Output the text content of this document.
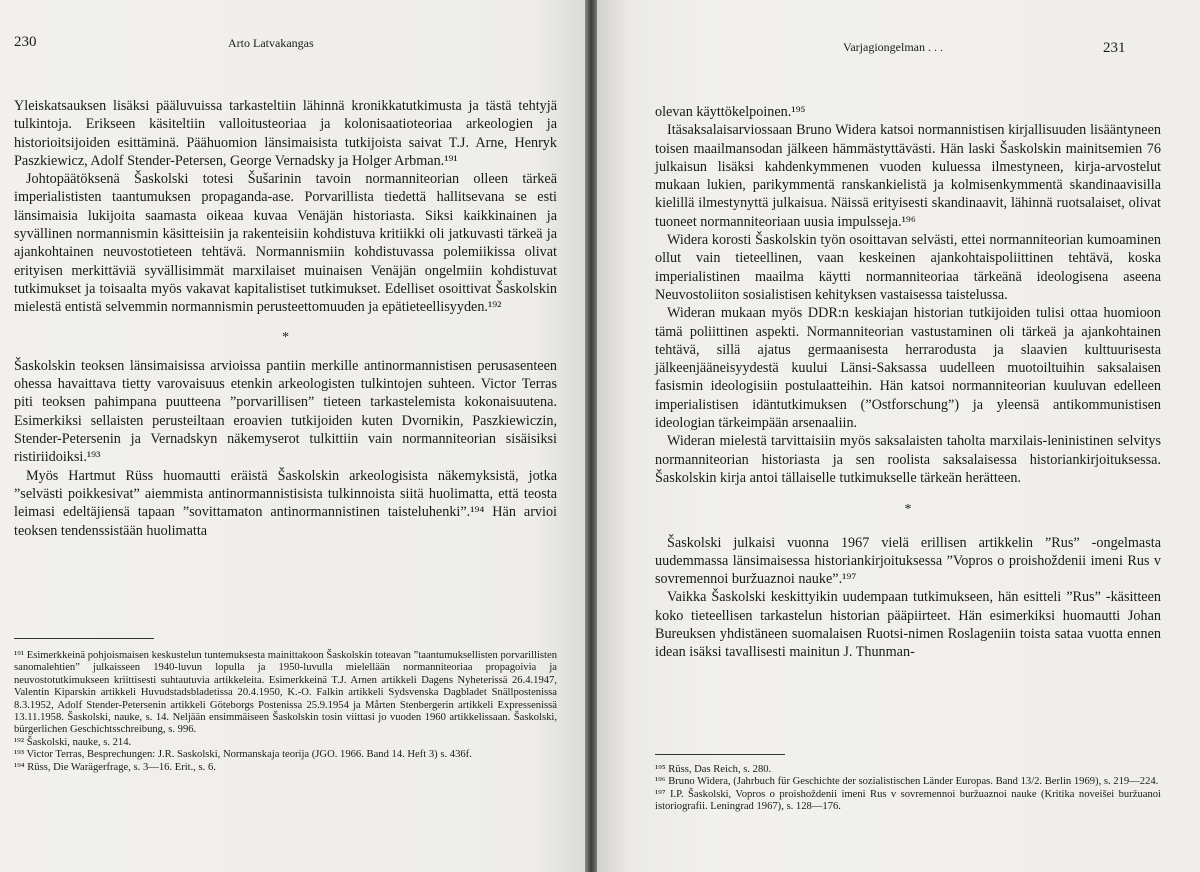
230	Arto Latvakangas

Yleiskatsauksen lisäksi pääluvuissa tarkasteltiin lähinnä kronikkatutkimusta ja tästä tehtyjä tulkintoja. Erikseen käsiteltiin valloitusteoriaa ja kolonisaatioteoriaa arkeologien ja historioitsijoiden esittäminä. Päähuomion länsimaisista tutkijoista saivat T.J. Arne, Henryk Paszkiewicz, Adolf Stender-Petersen, George Vernadsky ja Holger Arbman.¹⁹¹

Johtopäätöksenä Šaskolski totesi Šušarinin tavoin normanniteorian olleen tärkeä imperialististen taantumuksen propaganda-ase. Porvarillista tiedettä hallitsevana se esti länsimaisia lukijoita saamasta oikeaa kuvaa Venäjän historiasta. Siksi kaikkinainen ja syvällinen normannismin käsitteisiin ja rakenteisiin kohdistuva kritiikki oli jatkuvasti tärkeä ja ajankohtainen neuvostotieteen tehtävä. Normannismiin kohdistuvassa polemiikissa olivat erityisen merkittäviä syvällisimmät marxilaiset muinaisen Venäjän ongelmiin kohdistuvat tutkimukset ja toisaalta myös vakavat kapitalistiset tutkimukset. Edelliset osoittivat Šaskolskin mielestä entistä selvemmin normannismin perusteettomuuden ja epätieteellisyyden.¹⁹²

*

Šaskolskin teoksen länsimaisissa arvioissa pantiin merkille antinormannistisen perusasenteen ohessa havaittava tietty varovaisuus etenkin arkeologisten tulkintojen suhteen. Victor Terras piti teoksen pahimpana puutteena ”porvarillisen” tieteen tarkastelemista kokonaisuutena. Esimerkiksi sellaisten perusteiltaan eroavien tutkijoiden kuten Dvornikin, Paszkiewiczin, Stender-Petersenin ja Vernadskyn näkemyserot tulkittiin vain normanniteorian sisäisiksi ristiriidoiksi.¹⁹³

Myös Hartmut Rüss huomautti eräistä Šaskolskin arkeologisista näkemyksistä, jotka ”selvästi poikkesivat” aiemmista antinormannistisista tulkinnoista siitä huolimatta, että teosta leimasi edeltäjiensä tapaan ”sovittamaton antinormannistinen taisteluhenki”.¹⁹⁴ Hän arvioi teoksen tendenssistään huolimatta

¹⁹¹ Esimerkkeinä pohjoismaisen keskustelun tuntemuksesta mainittakoon Šaskolskin toteavan ”taantumuksellisten porvarillisten sanomalehtien” julkaisseen 1940-luvun lopulla ja 1950-luvulla mielellään normanniteoriaa propagoivia ja neuvostotutkimukseen kriittisesti suhtautuvia artikkeleita. Esimerkkeinä T.J. Arnen artikkeli Dagens Nyheterissä 26.4.1947, Valentin Kiparskin artikkeli Huvudstadsbladetissa 20.4.1950, K.-O. Falkin artikkeli Sydsvenska Dagbladet Snällpostenissa 8.3.1952, Adolf Stender-Petersenin artikkeli Göteborgs Postenissa 25.9.1954 ja Mårten Stenbergerin artikkeli Expressenissä 13.11.1958. Šaskolski, nauke, s. 14. Neljään ensimmäiseen Šaskolskin tosin viittasi jo vuoden 1960 artikkelissaan. Šaskolski, bürgerlichen Geschichtsschreibung, s. 996.

¹⁹² Šaskolski, nauke, s. 214.

¹⁹³ Victor Terras, Besprechungen: J.R. Saskolski, Normanskaja teorija (JGO. 1966. Band 14. Heft 3) s. 436f.

¹⁹⁴ Rüss, Die Warägerfrage, s. 3—16. Erit., s. 6.

Varjagiongelman . . .	231

olevan käyttökelpoinen.¹⁹⁵

Itäsaksalaisarviossaan Bruno Widera katsoi normannistisen kirjallisuuden lisääntyneen toisen maailmansodan jälkeen hämmästyttävästi. Hän laski Šaskolskin mainitsemien 76 julkaisun lisäksi kahdenkymmenen vuoden kuluessa ilmestyneen, kirja-arvostelut mukaan lukien, parikymmentä ranskankielistä ja kolmisenkymmentä skandinaavisilla kielillä ilmestynyttä julkaisua. Näissä erityisesti skandinaavit, lähinnä ruotsalaiset, olivat tuoneet normanniteoriaan uusia impulsseja.¹⁹⁶

Widera korosti Šaskolskin työn osoittavan selvästi, ettei normanniteorian kumoaminen ollut vain tieteellinen, vaan keskeinen ajankohtaispoliittinen tehtävä, koska imperialistinen maailma käytti normanniteoriaa tärkeänä ideologisena aseena Neuvostoliiton sosialistisen kehityksen vastaisessa taistelussa.

Wideran mukaan myös DDR:n keskiajan historian tutkijoiden tulisi ottaa huomioon tämä poliittinen aspekti. Normanniteorian vastustaminen oli tärkeä ja ajankohtainen tehtävä, sillä ajatus germaanisesta herrarodusta ja slaavien kulttuurisesta jälkeenjääneisyydestä kuului Länsi-Saksassa uudelleen muotoiltuihin saksalaisen fasismin ideologisiin postulaatteihin. Hän katsoi normanniteorian kuuluvan edelleen imperialistisen idäntutkimuksen (”Ostforschung”) ja yleensä antikommunistisen ideologian tärkeimpään arsenaaliin.

Wideran mielestä tarvittaisiin myös saksalaisten taholta marxilais-leninistinen selvitys normanniteorian historiasta ja sen roolista saksalaisessa historiankirjoituksessa. Šaskolskin kirja antoi tällaiselle tutkimukselle tärkeän herätteen.

*

Šaskolski julkaisi vuonna 1967 vielä erillisen artikkelin ”Rus” -ongelmasta uudemmassa länsimaisessa historiankirjoituksessa ”Vopros o proishoždenii imeni Rus v sovremennoi buržuaznoi nauke”.¹⁹⁷

Vaikka Šaskolski keskittyikin uudempaan tutkimukseen, hän esitteli ”Rus” -käsitteen koko tieteellisen tarkastelun historian pääpiirteet. Hän esimerkiksi huomautti Johan Bureuksen yhdistäneen suomalaisen Ruotsi-nimen Roslageniin toista sataa vuotta ennen idean isäksi tavallisesti mainitun J. Thunman-

¹⁹⁵ Rüss, Das Reich, s. 280.

¹⁹⁶ Bruno Widera, (Jahrbuch für Geschichte der sozialistischen Länder Europas. Band 13/2. Berlin 1969), s. 219—224.

¹⁹⁷ I.P. Šaskolski, Vopros o proishoždenii imeni Rus v sovremennoi buržuaznoi nauke (Kritika noveišei buržuanoi istoriografii. Leningrad 1967), s. 128—176.
